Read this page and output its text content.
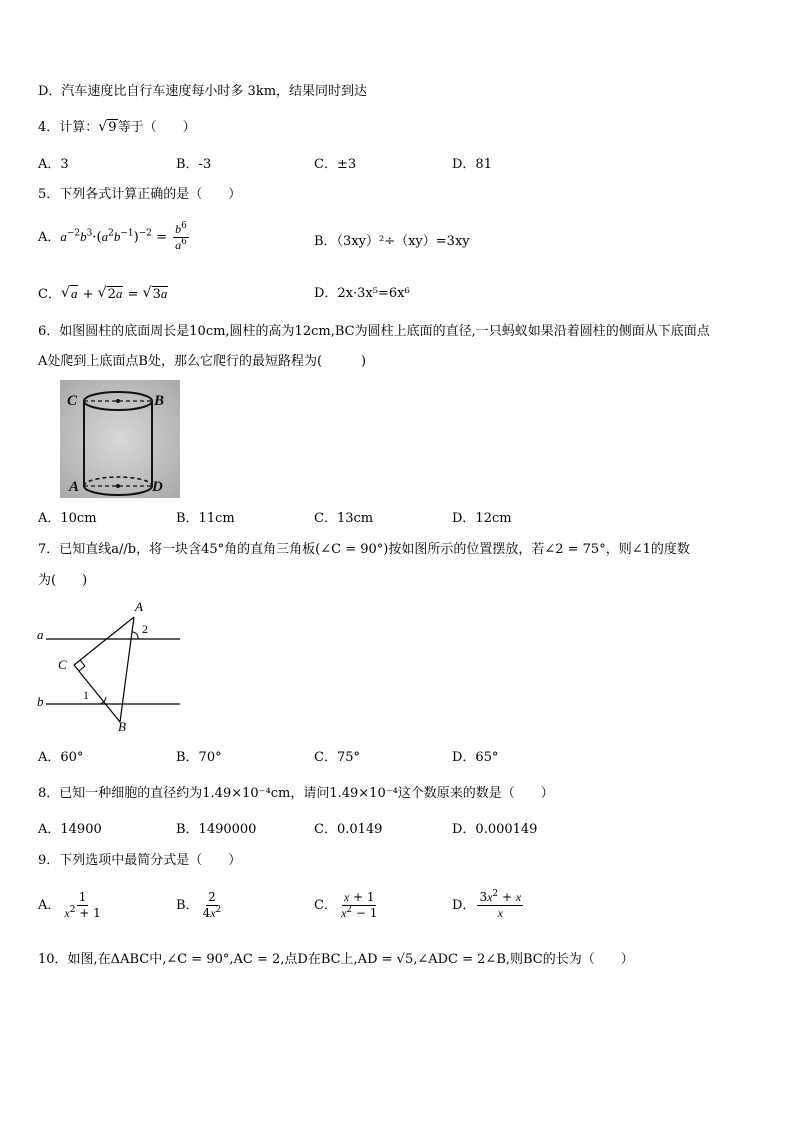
D．汽车速度比自行车速度每小时多 3km，结果同时到达
4．计算： √ 9等于（　　）
A．3	B．-3	C．±3	D．81
5．下列各式计算正确的是（　　）
A．$a^{-2}b^3\cdot(a^2b^{-1})^{-2} = \frac{b^6}{a^6}$	B．（3xy）²÷（xy）=3xy
C． √ a + √ 2a = √ 3a	D．2x·3x⁵=6x⁶
6．如图圆柱的底面周长是10cm,圆柱的高为12cm,BC为圆柱上底面的直径,一只蚂蚁如果沿着圆柱的侧面从下底面点
A处爬到上底面点B处，那么它爬行的最短路程为(　　　)
C	B
A	D
A．10cm	B．11cm	C．13cm	D．12cm
7．已知直线a//b，将一块含45°角的直角三角板(∠C = 90°)按如图所示的位置摆放，若∠2 = 75°，则∠1的度数
为(　　)
A
B
C
a
b	1
2
A．60°	B．70°	C．75°	D．65°
8．已知一种细胞的直径约为1.49×10⁻⁴cm，请问1.49×10⁻⁴这个数原来的数是（　　）
A．14900	B．1490000	C．0.0149	D．0.000149
9．下列选项中最简分式是（　　）
A． $\frac{1}{x^2 + 1}$	B． $\frac{2}{4x^2}$	C． $\frac{x + 1}{x^2 - 1}$	D． $\frac{3x^2 + x}{x}$
10．如图,在ΔABC中,∠C = 90°,AC = 2,点D在BC上,AD = √5,∠ADC = 2∠B,则BC的长为（　　）
